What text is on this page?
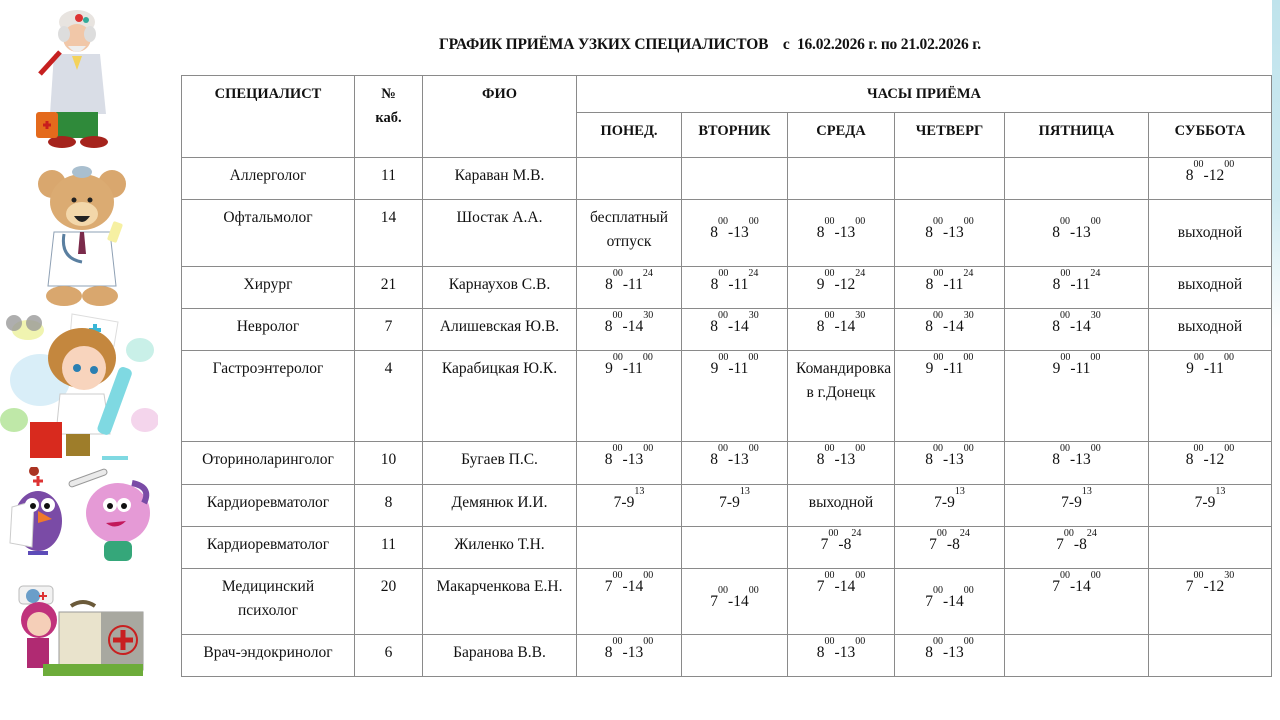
ГРАФИК ПРИЁМА УЗКИХ СПЕЦИАЛИСТОВ    с  16.02.2026 г. по 21.02.2026 г.
СПЕЦИАЛИСТ	№
каб.	ФИО	ЧАСЫ ПРИЁМА					
			ПОНЕД.	ВТОРНИК	СРЕДА	ЧЕТВЕРГ	ПЯТНИЦА	СУББОТА
Аллерголог	11	Караван М.В.						$8^{00}-12^{00}$
Офтальмолог	14	Шостак А.А.	бесплатный отпуск	$8^{00}-13^{00}$	$8^{00}-13^{00}$	$8^{00}-13^{00}$	$8^{00}-13^{00}$	выходной
Хирург	21	Карнаухов С.В.	$8^{00}-11^{24}$	$8^{00}-11^{24}$	$9^{00}-12^{24}$	$8^{00}-11^{24}$	$8^{00}-11^{24}$	выходной
Невролог	7	Алишевская Ю.В.	$8^{00}-14^{30}$	$8^{00}-14^{30}$	$8^{00}-14^{30}$	$8^{00}-14^{30}$	$8^{00}-14^{30}$	выходной
Гастроэнтеролог	4	Карабицкая Ю.К.	$9^{00}-11^{00}$	$9^{00}-11^{00}$	Командировка в г.Донецк	$9^{00}-11^{00}$	$9^{00}-11^{00}$	$9^{00}-11^{00}$
Оториноларинголог	10	Бугаев П.С.	$8^{00}-13^{00}$	$8^{00}-13^{00}$	$8^{00}-13^{00}$	$8^{00}-13^{00}$	$8^{00}-13^{00}$	$8^{00}-12^{00}$
Кардиоревматолог	8	Демянюк И.И.	$7-9^{13}$	$7-9^{13}$	выходной	$7-9^{13}$	$7-9^{13}$	$7-9^{13}$
Кардиоревматолог	11	Жиленко Т.Н.			$7^{00}-8^{24}$	$7^{00}-8^{24}$	$7^{00}-8^{24}$	
Медицинский психолог	20	Макарченкова Е.Н.	$7^{00}-14^{00}$	$7^{00}-14^{00}$	$7^{00}-14^{00}$	$7^{00}-14^{00}$	$7^{00}-14^{00}$	$7^{00}-12^{30}$
Врач-эндокринолог	6	Баранова В.В.	$8^{00}-13^{00}$		$8^{00}-13^{00}$	$8^{00}-13^{00}$		
